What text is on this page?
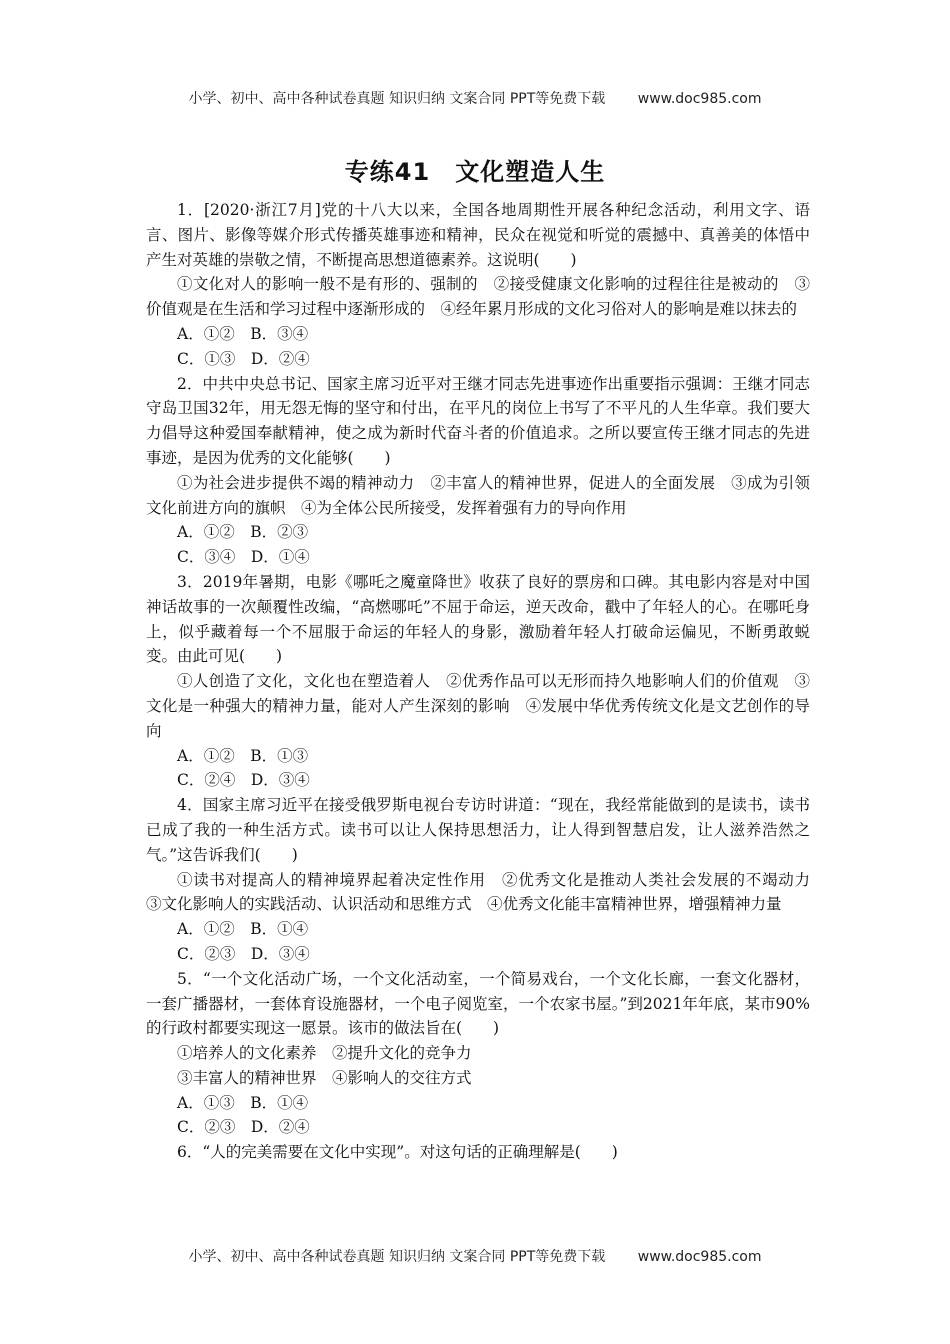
小学、初中、高中各种试卷真题 知识归纳 文案合同 PPT等免费下载 www.doc985.com
专练41　文化塑造人生

1．[2020·浙江7月]党的十八大以来，全国各地周期性开展各种纪念活动，利用文字、语言、图片、影像等媒介形式传播英雄事迹和精神，民众在视觉和听觉的震撼中、真善美的体悟中产生对英雄的崇敬之情，不断提高思想道德素养。这说明(　　)

①文化对人的影响一般不是有形的、强制的　②接受健康文化影响的过程往往是被动的　③价值观是在生活和学习过程中逐渐形成的　④经年累月形成的文化习俗对人的影响是难以抹去的

A．①②　B．③④

C．①③　D．②④

2．中共中央总书记、国家主席习近平对王继才同志先进事迹作出重要指示强调：王继才同志守岛卫国32年，用无怨无悔的坚守和付出，在平凡的岗位上书写了不平凡的人生华章。我们要大力倡导这种爱国奉献精神，使之成为新时代奋斗者的价值追求。之所以要宣传王继才同志的先进事迹，是因为优秀的文化能够(　　)

①为社会进步提供不竭的精神动力　②丰富人的精神世界，促进人的全面发展　③成为引领文化前进方向的旗帜　④为全体公民所接受，发挥着强有力的导向作用

A．①②　B．②③

C．③④　D．①④

3．2019年暑期，电影《哪吒之魔童降世》收获了良好的票房和口碑。其电影内容是对中国神话故事的一次颠覆性改编，“高燃哪吒”不屈于命运，逆天改命，戳中了年轻人的心。在哪吒身上，似乎藏着每一个不屈服于命运的年轻人的身影，激励着年轻人打破命运偏见，不断勇敢蜕变。由此可见(　　)

①人创造了文化，文化也在塑造着人　②优秀作品可以无形而持久地影响人们的价值观　③文化是一种强大的精神力量，能对人产生深刻的影响　④发展中华优秀传统文化是文艺创作的导向

A．①②　B．①③

C．②④　D．③④

4．国家主席习近平在接受俄罗斯电视台专访时讲道：“现在，我经常能做到的是读书，读书已成了我的一种生活方式。读书可以让人保持思想活力，让人得到智慧启发，让人滋养浩然之气。”这告诉我们(　　)

①读书对提高人的精神境界起着决定性作用　②优秀文化是推动人类社会发展的不竭动力　③文化影响人的实践活动、认识活动和思维方式　④优秀文化能丰富精神世界，增强精神力量

A．①②　B．①④

C．②③　D．③④

5．“一个文化活动广场，一个文化活动室，一个简易戏台，一个文化长廊，一套文化器材，一套广播器材，一套体育设施器材，一个电子阅览室，一个农家书屋。”到2021年年底，某市90%的行政村都要实现这一愿景。该市的做法旨在(　　)

①培养人的文化素养　②提升文化的竞争力

③丰富人的精神世界　④影响人的交往方式

A．①③　B．①④

C．②③　D．②④

6．“人的完美需要在文化中实现”。对这句话的正确理解是(　　)

小学、初中、高中各种试卷真题 知识归纳 文案合同 PPT等免费下载 www.doc985.com
